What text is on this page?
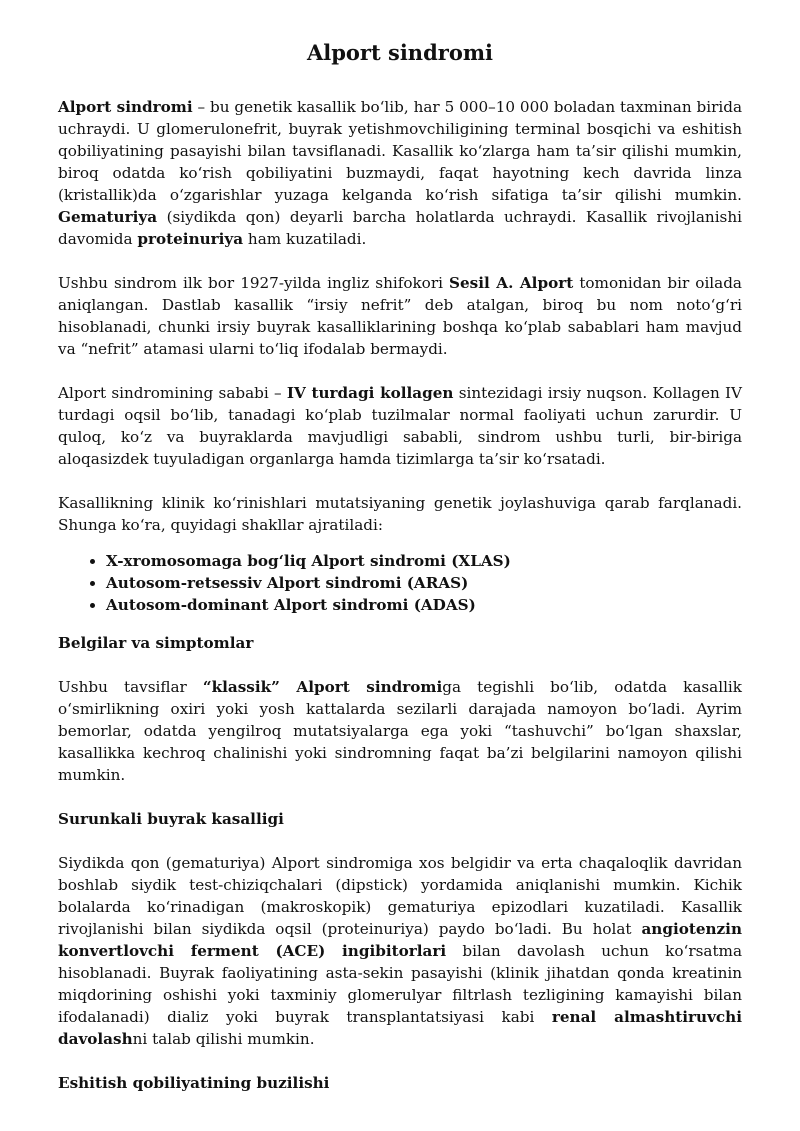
Alport sindromi

Alport sindromi – bu genetik kasallik bo‘lib, har 5 000–10 000 boladan taxminan birida uchraydi. U glomerulonefrit, buyrak yetishmovchiligining terminal bosqichi va eshitish qobiliyatining pasayishi bilan tavsiflanadi. Kasallik ko‘zlarga ham ta’sir qilishi mumkin, biroq odatda ko‘rish qobiliyatini buzmaydi, faqat hayotning kech davrida linza (kristallik)da o‘zgarishlar yuzaga kelganda ko‘rish sifatiga ta’sir qilishi mumkin. Gematuriya (siydikda qon) deyarli barcha holatlarda uchraydi. Kasallik rivojlanishi davomida proteinuriya ham kuzatiladi.

Ushbu sindrom ilk bor 1927-yilda ingliz shifokori Sesil A. Alport tomonidan bir oilada aniqlangan. Dastlab kasallik “irsiy nefrit” deb atalgan, biroq bu nom noto‘g‘ri hisoblanadi, chunki irsiy buyrak kasalliklarining boshqa ko‘plab sabablari ham mavjud va “nefrit” atamasi ularni to‘liq ifodalab bermaydi.

Alport sindromining sababi – IV turdagi kollagen sintezidagi irsiy nuqson. Kollagen IV turdagi oqsil bo‘lib, tanadagi ko‘plab tuzilmalar normal faoliyati uchun zarurdir. U quloq, ko‘z va buyraklarda mavjudligi sababli, sindrom ushbu turli, bir-biriga aloqasizdek tuyuladigan organlarga hamda tizimlarga ta’sir ko‘rsatadi.

Kasallikning klinik ko‘rinishlari mutatsiyaning genetik joylashuviga qarab farqlanadi. Shunga ko‘ra, quyidagi shakllar ajratiladi:

• X-xromosomaga bog‘liq Alport sindromi (XLAS)
• Autosom-retsessiv Alport sindromi (ARAS)
• Autosom-dominant Alport sindromi (ADAS)
Belgilar va simptomlar

Ushbu tavsiflar “klassik” Alport sindromiga tegishli bo‘lib, odatda kasallik o‘smirlikning oxiri yoki yosh kattalarda sezilarli darajada namoyon bo‘ladi. Ayrim bemorlar, odatda yengilroq mutatsiyalarga ega yoki “tashuvchi” bo‘lgan shaxslar, kasallikka kechroq chalinishi yoki sindromning faqat ba’zi belgilarini namoyon qilishi mumkin.

Surunkali buyrak kasalligi

Siydikda qon (gematuriya) Alport sindromiga xos belgidir va erta chaqaloqlik davridan boshlab siydik test-chiziqchalari (dipstick) yordamida aniqlanishi mumkin. Kichik bolalarda ko‘rinadigan (makroskopik) gematuriya epizodlari kuzatiladi. Kasallik rivojlanishi bilan siydikda oqsil (proteinuriya) paydo bo‘ladi. Bu holat angiotenzin konvertlovchi ferment (ACE) ingibitorlari bilan davolash uchun ko‘rsatma hisoblanadi. Buyrak faoliyatining asta-sekin pasayishi (klinik jihatdan qonda kreatinin miqdorining oshishi yoki taxminiy glomerulyar filtrlash tezligining kamayishi bilan ifodalanadi) dializ yoki buyrak transplantatsiyasi kabi renal almashtiruvchi davolashni talab qilishi mumkin.

Eshitish qobiliyatining buzilishi
